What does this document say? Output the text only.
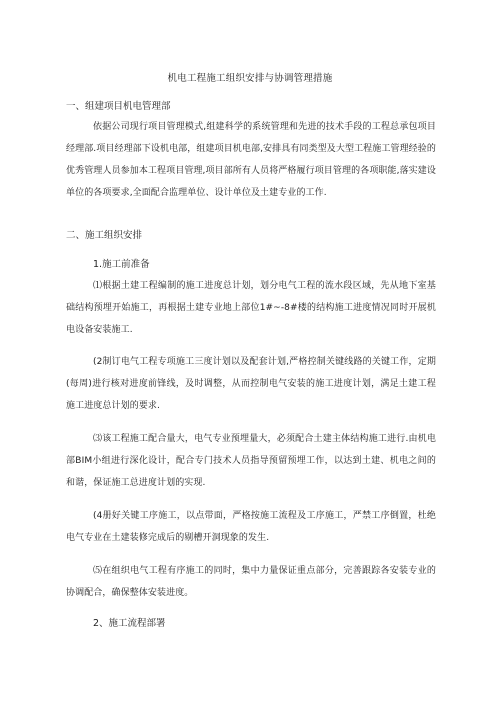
机电工程施工组织安排与协调管理措施
一、组建项目机电管理部
依据公司现行项目管理模式,组建科学的系统管理和先进的技术手段的工程总承包项目经理部.项目经理部下设机电部，组建项目机电部,安排具有同类型及大型工程施工管理经验的优秀管理人员参加本工程项目管理,项目部所有人员将严格履行项目管理的各项职能,落实建设单位的各项要求,全面配合监理单位、设计单位及土建专业的工作.
二、施工组织安排
1.施工前准备
⑴根据土建工程编制的施工进度总计划，划分电气工程的流水段区域，先从地下室基础结构预埋开始施工，再根据土建专业地上部位1#~-8#楼的结构施工进度情况同时开展机电设备安装施工.
(2制订电气工程专项施工三度计划以及配套计划,严格控制关键线路的关键工作，定期(每周)进行核对进度前锋线，及时调整，从而控制电气安装的施工进度计划，满足土建工程施工进度总计划的要求.
⑶该工程施工配合量大，电气专业预埋量大，必须配合土建主体结构施工进行.由机电部BIM小组进行深化设计，配合专门技术人员指导预留预埋工作，以达到土建、机电之间的和谐，保证施工总进度计划的实现.
(4册好关键工序施工，以点带面，严格按施工流程及工序施工，严禁工序倒置，杜绝电气专业在土建装修完成后的剔槽开洞现象的发生.
⑸在组织电气工程有序施工的同时，集中力量保证重点部分，完善跟踪各安装专业的协调配合，确保整体安装进度。
2、施工流程部署
